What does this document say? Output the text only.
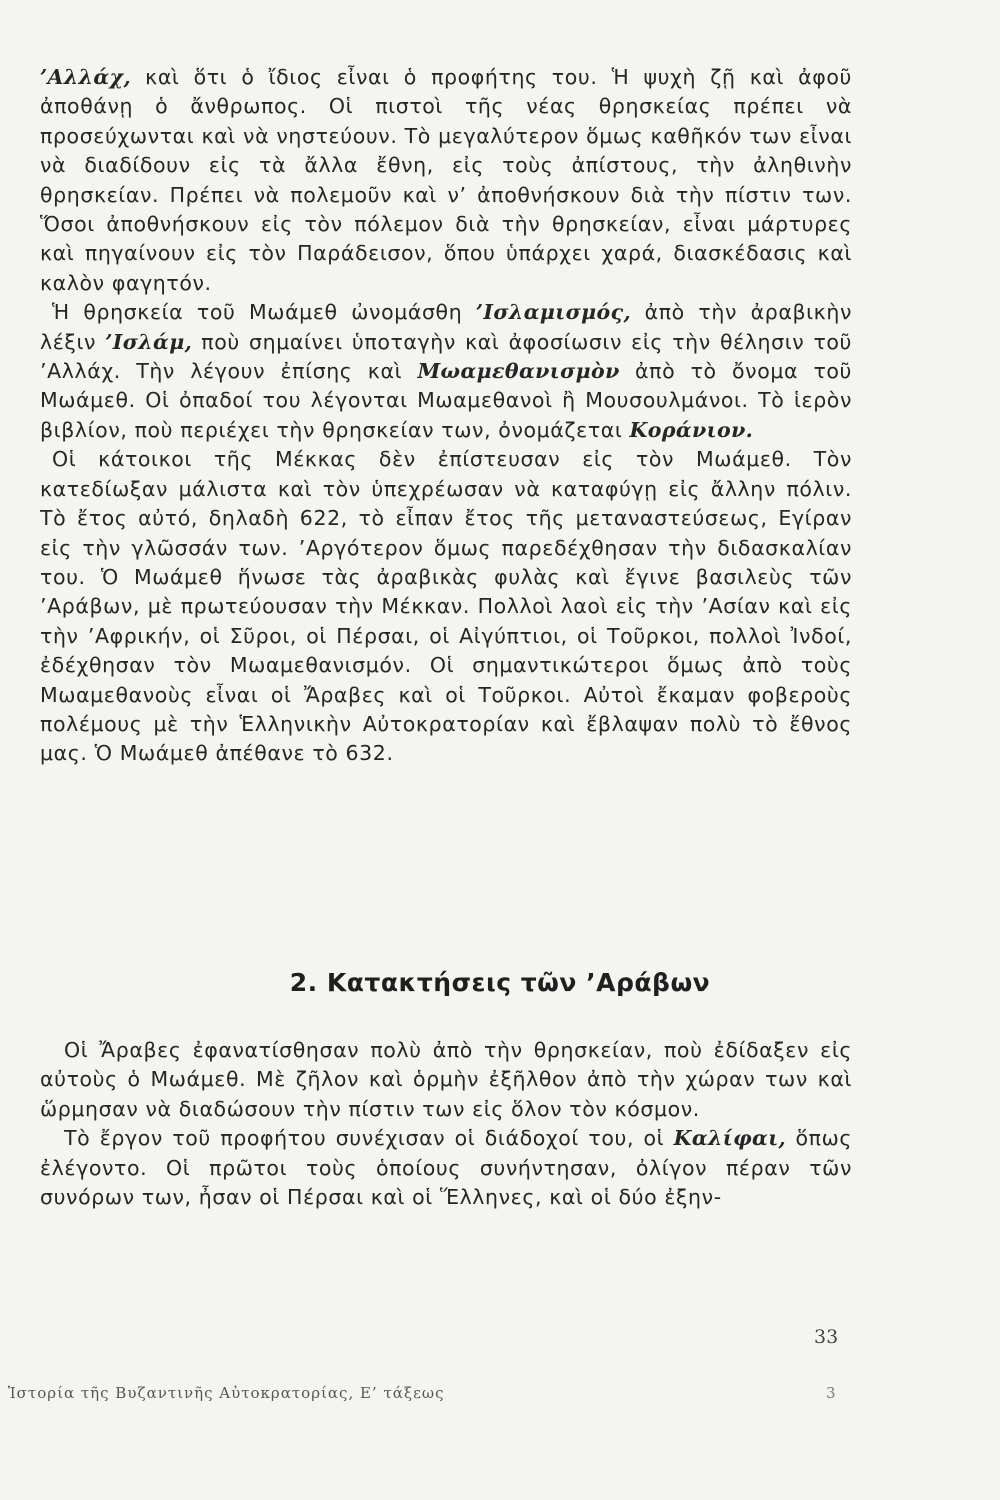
’Αλλάχ, καὶ ὅτι ὁ ἴδιος εἶναι ὁ προφήτης του. Ἡ ψυχὴ ζῇ καὶ ἀφοῦ ἀποθάνῃ ὁ ἄνθρωπος. Οἱ πιστοὶ τῆς νέας θρησκείας πρέπει νὰ προσεύχωνται καὶ νὰ νηστεύουν. Τὸ μεγαλύτερον ὅμως καθῆκόν των εἶναι νὰ διαδίδουν εἰς τὰ ἄλλα ἔθνη, εἰς τοὺς ἀπίστους, τὴν ἀληθινὴν θρησκείαν. Πρέπει νὰ πολεμοῦν καὶ ν’ ἀποθνήσκουν διὰ τὴν πίστιν των. Ὅσοι ἀποθνήσκουν εἰς τὸν πόλεμον διὰ τὴν θρησκείαν, εἶναι μάρτυρες καὶ πηγαίνουν εἰς τὸν Παράδεισον, ὅπου ὑπάρχει χαρά, διασκέδασις καὶ καλὸν φαγητόν.

Ἡ θρησκεία τοῦ Μωάμεθ ὠνομάσθη ’Ισλαμισμός, ἀπὸ τὴν ἀραβικὴν λέξιν ’Ισλάμ, ποὺ σημαίνει ὑποταγὴν καὶ ἀφοσίωσιν εἰς τὴν θέλησιν τοῦ ’Αλλάχ. Τὴν λέγουν ἐπίσης καὶ Μωαμεθανισμὸν ἀπὸ τὸ ὄνομα τοῦ Μωάμεθ. Οἱ ὀπαδοί του λέγονται Μωαμεθανοὶ ἢ Μουσουλμάνοι. Τὸ ἱερὸν βιβλίον, ποὺ περιέχει τὴν θρησκείαν των, ὀνομάζεται Κοράνιον.

Οἱ κάτοικοι τῆς Μέκκας δὲν ἐπίστευσαν εἰς τὸν Μωάμεθ. Τὸν κατεδίωξαν μάλιστα καὶ τὸν ὑπεχρέωσαν νὰ καταφύγῃ εἰς ἄλλην πόλιν. Τὸ ἔτος αὐτό, δηλαδὴ 622, τὸ εἶπαν ἔτος τῆς μεταναστεύσεως, Εγίραν εἰς τὴν γλῶσσάν των. ’Αργότερον ὅμως παρεδέχθησαν τὴν διδασκαλίαν του. Ὁ Μωάμεθ ἥνωσε τὰς ἀραβικὰς φυλὰς καὶ ἔγινε βασιλεὺς τῶν ’Αράβων, μὲ πρωτεύουσαν τὴν Μέκκαν. Πολλοὶ λαοὶ εἰς τὴν ’Ασίαν καὶ εἰς τὴν ’Αφρικήν, οἱ Σῦροι, οἱ Πέρσαι, οἱ Αἰγύπτιοι, οἱ Τοῦρκοι, πολλοὶ Ἰνδοί, ἐδέχθησαν τὸν Μωαμεθανισμόν. Οἱ σημαντικώτεροι ὅμως ἀπὸ τοὺς Μωαμεθανοὺς εἶναι οἱ Ἄραβες καὶ οἱ Τοῦρκοι. Αὐτοὶ ἔκαμαν φοβεροὺς πολέμους μὲ τὴν Ἑλληνικὴν Αὐτοκρατορίαν καὶ ἔβλαψαν πολὺ τὸ ἔθνος μας. Ὁ Μωάμεθ ἀπέθανε τὸ 632.

2. Κατακτήσεις τῶν ’Αράβων

Οἱ Ἄραβες ἐφανατίσθησαν πολὺ ἀπὸ τὴν θρησκείαν, ποὺ ἐδίδαξεν εἰς αὐτοὺς ὁ Μωάμεθ. Μὲ ζῆλον καὶ ὁρμὴν ἐξῆλθον ἀπὸ τὴν χώραν των καὶ ὥρμησαν νὰ διαδώσουν τὴν πίστιν των εἰς ὅλον τὸν κόσμον.

Τὸ ἔργον τοῦ προφήτου συνέχισαν οἱ διάδοχοί του, οἱ Καλίφαι, ὅπως ἐλέγοντο. Οἱ πρῶτοι τοὺς ὁποίους συνήντησαν, ὀλίγον πέραν τῶν συνόρων των, ἦσαν οἱ Πέρσαι καὶ οἱ Ἕλληνες, καὶ οἱ δύο ἐξην-

33
Ἱστορία τῆς Βυζαντινῆς Αὐτοκρατορίας, Ε’ τάξεως	3
